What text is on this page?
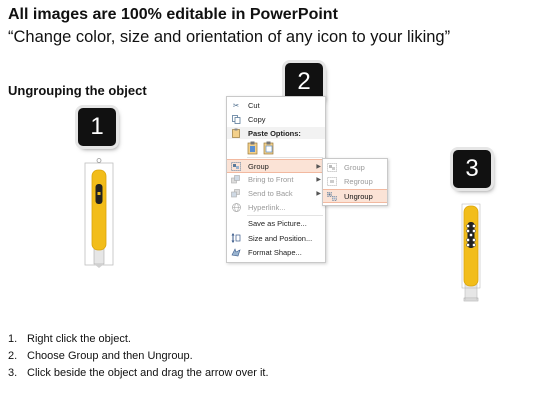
All images are 100% editable in PowerPoint
“Change color, size and orientation of any icon to your liking”
Ungrouping the object
1
2
3
✂	Cut
Copy
Paste Options:
Group	▶
Bring to Front	▶
Send to Back	▶
Hyperlink...
Save as Picture...
Size and Position...
Format Shape...
Group
Regroup
Ungroup
1. Right click the object.
2. Choose Group and then Ungroup.
3. Click beside the object and drag the arrow over it.
